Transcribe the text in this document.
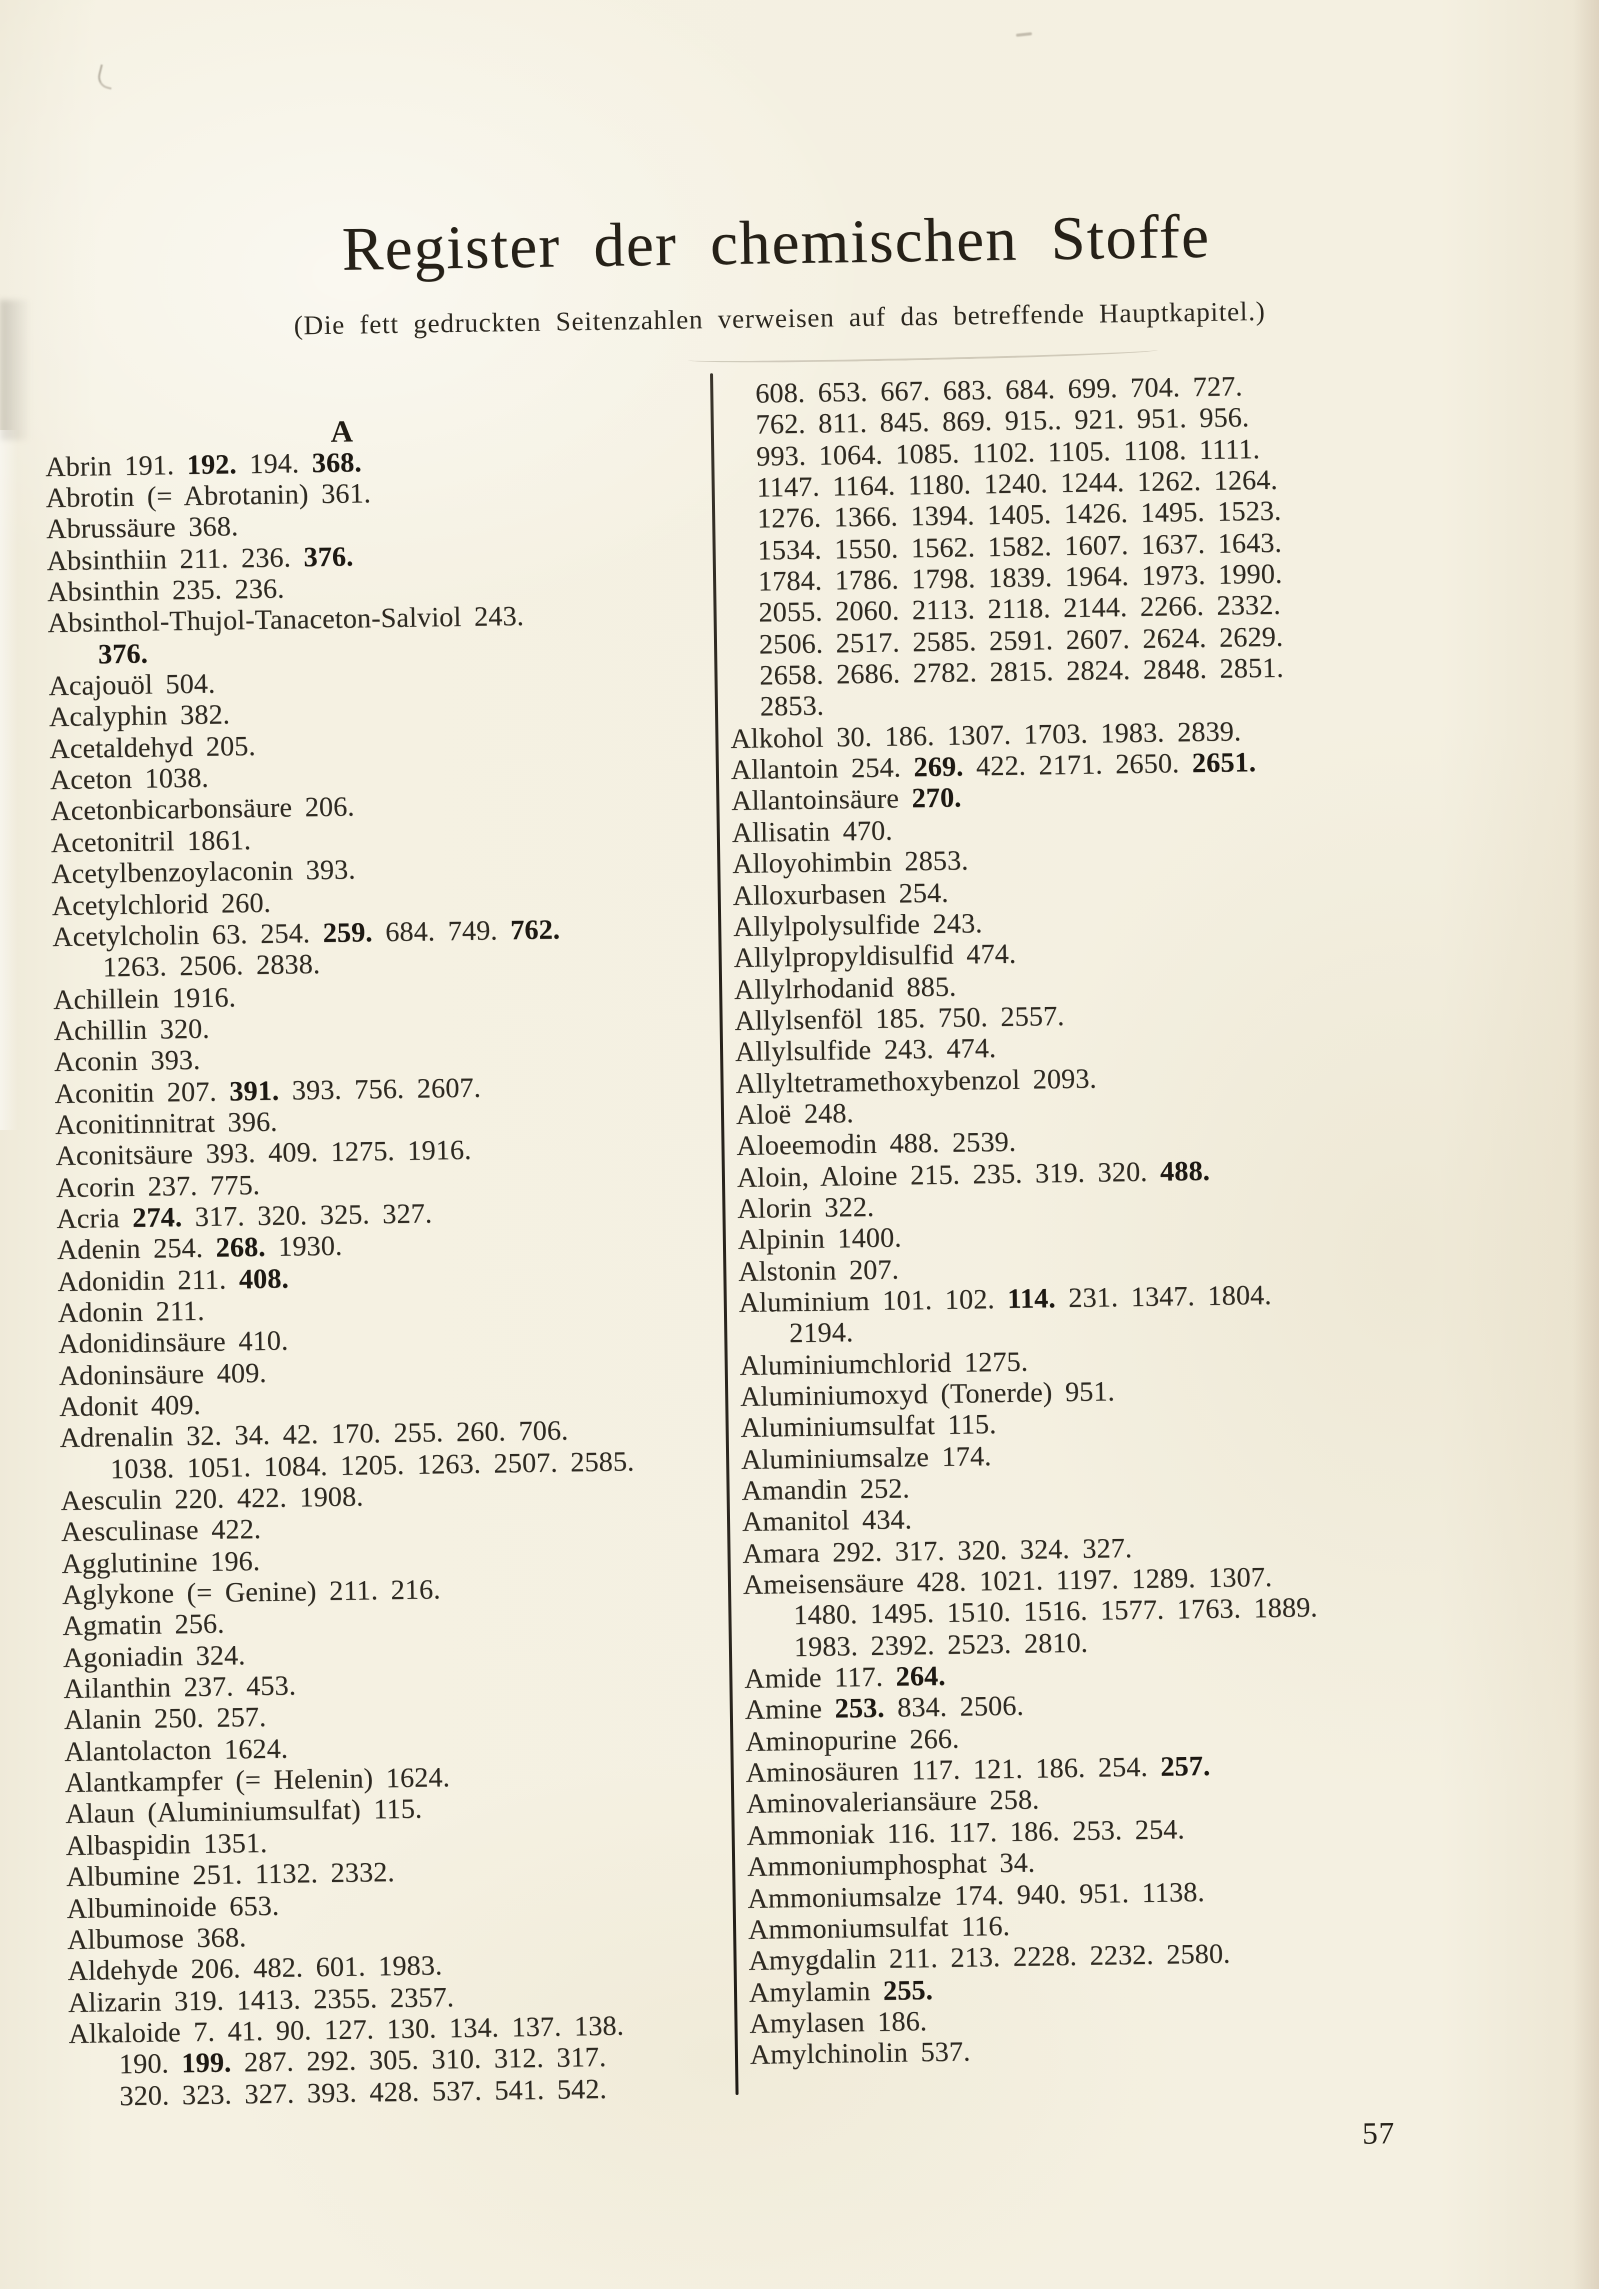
Register der chemischen Stoffe
(Die fett gedruckten Seitenzahlen verweisen auf das betreffende Hauptkapitel.)
A
Abrin 191. 192. 194. 368.
Abrotin (= Abrotanin) 361.
Abrussäure 368.
Absinthiin 211. 236. 376.
Absinthin 235. 236.
Absinthol-Thujol-Tanaceton-Salviol 243.
376.
Acajouöl 504.
Acalyphin 382.
Acetaldehyd 205.
Aceton 1038.
Acetonbicarbonsäure 206.
Acetonitril 1861.
Acetylbenzoylaconin 393.
Acetylchlorid 260.
Acetylcholin 63. 254. 259. 684. 749. 762.
1263. 2506. 2838.
Achillein 1916.
Achillin 320.
Aconin 393.
Aconitin 207. 391. 393. 756. 2607.
Aconitinnitrat 396.
Aconitsäure 393. 409. 1275. 1916.
Acorin 237. 775.
Acria 274. 317. 320. 325. 327.
Adenin 254. 268. 1930.
Adonidin 211. 408.
Adonin 211.
Adonidinsäure 410.
Adoninsäure 409.
Adonit 409.
Adrenalin 32. 34. 42. 170. 255. 260. 706.
1038. 1051. 1084. 1205. 1263. 2507. 2585.
Aesculin 220. 422. 1908.
Aesculinase 422.
Agglutinine 196.
Aglykone (= Genine) 211. 216.
Agmatin 256.
Agoniadin 324.
Ailanthin 237. 453.
Alanin 250. 257.
Alantolacton 1624.
Alantkampfer (= Helenin) 1624.
Alaun (Aluminiumsulfat) 115.
Albaspidin 1351.
Albumine 251. 1132. 2332.
Albuminoide 653.
Albumose 368.
Aldehyde 206. 482. 601. 1983.
Alizarin 319. 1413. 2355. 2357.
Alkaloide 7. 41. 90. 127. 130. 134. 137. 138.
190. 199. 287. 292. 305. 310. 312. 317.
320. 323. 327. 393. 428. 537. 541. 542.
608. 653. 667. 683. 684. 699. 704. 727.
762. 811. 845. 869. 915.. 921. 951. 956.
993. 1064. 1085. 1102. 1105. 1108. 1111.
1147. 1164. 1180. 1240. 1244. 1262. 1264.
1276. 1366. 1394. 1405. 1426. 1495. 1523.
1534. 1550. 1562. 1582. 1607. 1637. 1643.
1784. 1786. 1798. 1839. 1964. 1973. 1990.
2055. 2060. 2113. 2118. 2144. 2266. 2332.
2506. 2517. 2585. 2591. 2607. 2624. 2629.
2658. 2686. 2782. 2815. 2824. 2848. 2851.
2853.
Alkohol 30. 186. 1307. 1703. 1983. 2839.
Allantoin 254. 269. 422. 2171. 2650. 2651.
Allantoinsäure 270.
Allisatin 470.
Alloyohimbin 2853.
Alloxurbasen 254.
Allylpolysulfide 243.
Allylpropyldisulfid 474.
Allylrhodanid 885.
Allylsenföl 185. 750. 2557.
Allylsulfide 243. 474.
Allyltetramethoxybenzol 2093.
Aloë 248.
Aloeemodin 488. 2539.
Aloin, Aloine 215. 235. 319. 320. 488.
Alorin 322.
Alpinin 1400.
Alstonin 207.
Aluminium 101. 102. 114. 231. 1347. 1804.
2194.
Aluminiumchlorid 1275.
Aluminiumoxyd (Tonerde) 951.
Aluminiumsulfat 115.
Aluminiumsalze 174.
Amandin 252.
Amanitol 434.
Amara 292. 317. 320. 324. 327.
Ameisensäure 428. 1021. 1197. 1289. 1307.
1480. 1495. 1510. 1516. 1577. 1763. 1889.
1983. 2392. 2523. 2810.
Amide 117. 264.
Amine 253. 834. 2506.
Aminopurine 266.
Aminosäuren 117. 121. 186. 254. 257.
Aminovaleriansäure 258.
Ammoniak 116. 117. 186. 253. 254.
Ammoniumphosphat 34.
Ammoniumsalze 174. 940. 951. 1138.
Ammoniumsulfat 116.
Amygdalin 211. 213. 2228. 2232. 2580.
Amylamin 255.
Amylasen 186.
Amylchinolin 537.
57
